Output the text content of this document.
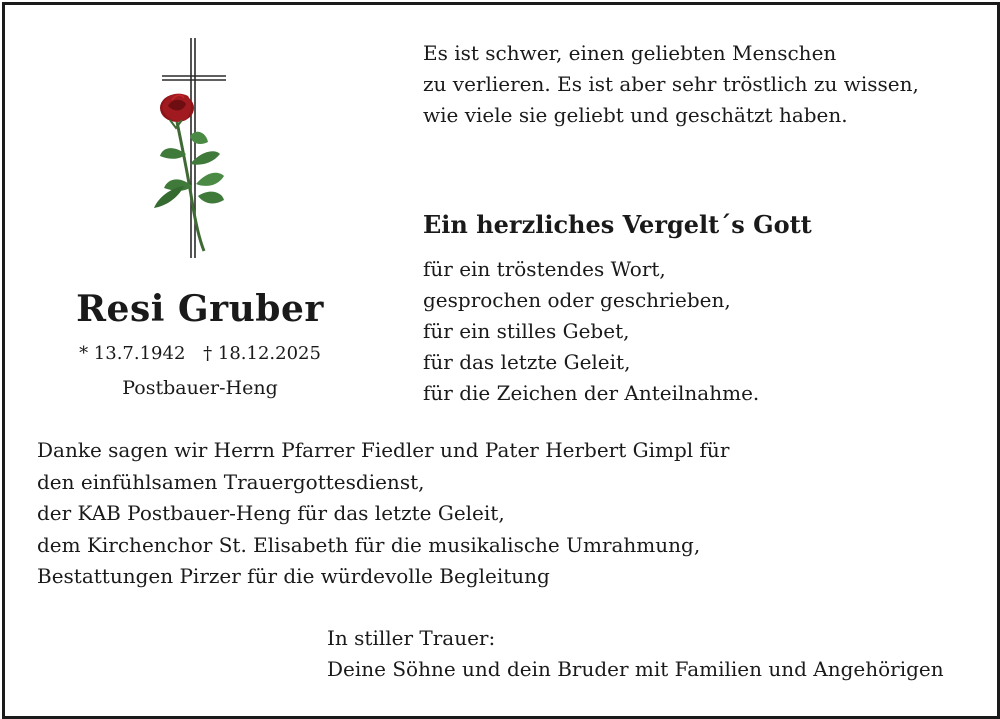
Es ist schwer, einen geliebten Menschen
zu verlieren. Es ist aber sehr tröstlich zu wissen,
wie viele sie geliebt und geschätzt haben.
Ein herzliches Vergelt´s Gott
für ein tröstendes Wort,
gesprochen oder geschrieben,
für ein stilles Gebet,
für das letzte Geleit,
für die Zeichen der Anteilnahme.
Resi Gruber
* 13.7.1942 † 18.12.2025
Postbauer-Heng
Danke sagen wir Herrn Pfarrer Fiedler und Pater Herbert Gimpl für
den einfühlsamen Trauergottesdienst,
der KAB Postbauer-Heng für das letzte Geleit,
dem Kirchenchor St. Elisabeth für die musikalische Umrahmung,
Bestattungen Pirzer für die würdevolle Begleitung
In stiller Trauer:
Deine Söhne und dein Bruder mit Familien und Angehörigen
